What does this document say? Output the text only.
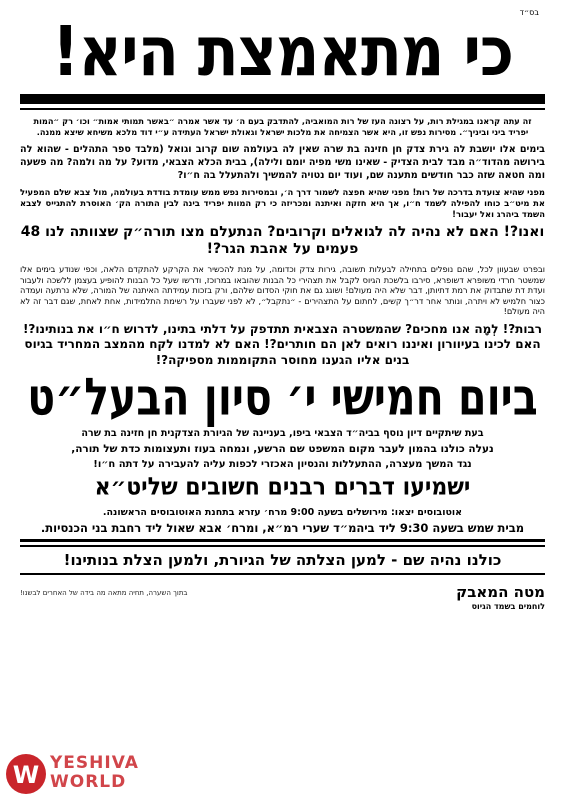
בס״ד
כי מתאמצת היא!
זה עתה קראנו במגילת רות, על רצונה העז של רות המואביה, להתדבק בעם ה׳ עד אשר אמרה ״באשר תמותי אמות״ וכו׳ רק ״המות יפריד ביני וביניך״. מסירות נפש זו, היא אשר הצמיחה את מלכות ישראל וגאולת ישראל העתידה ע״י דוד מלכא משיחא שיצא ממנה.
בימים אלו יושבת לה גירת צדק חן חזינה בת שרה שאין לה בעולמה שום קרוב וגואל (מלבד ספר התהלים - שהוא לה בירושה מהדוד״ה מבד לבית הצדיק - שאינו משי מפיה יומם ולילה), בבית הכלא הצבאי, מדוע? על מה ולמה? מה פשעה ומה חטאה שזה כבר חודשים מתענה שם, ועוד יום נטויה להמשיך ולהתעלל בה ח״ו?
מפני שהיא צועדת בדרכה של רות! מפני שהיא חפצה לשמור דרך ה׳, ובמסירות נפש ממש עומדת בודדת בעולמה, מול צבא שלם המפעיל את מיט״ב כוחו להפילה לשמד ח״ו, אך היא חזקה ואיתנה ומכריזה כי רק המוות יפריד בינה לבין התורה הק׳ האוסרת להתגייס לצבא השמד ביהרג ואל יעבור!
ואנו?! האם לא נהיה לה לגואלים וקרובים? הנתעלם מצו תורה״ק שצוותה לנו 48 פעמים על אהבת הגר?!
ובפרט שבעוון לכל, שהם נופלים בתחילה לבעלות תשובה, גירות צדק וכדומה, על מנת להכשיר את הקרקע להתקדם הלאה, וכפי שנודע בימים אלו שמשטר חרדי משופרא דשופרא, סירבו בלשכת הגיוס לקבל את תצהירי כל הבנות שהובאו במרוכז, ודרשו שעל כל הבנות להופיע בעצמן ללשכה ולעבור ועדת דת שתבדוק את רמת דתיותן, דבר שלא היה מעולם! ושוגג גם את חוקי הסדום שלהם, ורק בזכות עמידתה האיתנה של המורה, שלא נרתעה ועמדה כצור חלמיש לא ויתרה, ונותר אחר דר״ך קשים, לחתום על התצהירים - ״נתקבל״, לא לפני שעברו על רשימת התלמידות, אחת לאחת, שגם דבר זה לא היה מעולם!
רבות?! לְמָה אנו מחכים? שהמשטרה הצבאית תתדפק על דלתי בתינו, לדרוש ח״ו את בנותינו?! האם לכינו בעיוורון ואיננו רואים לאן הם חותרים?! האם לא למדנו לקח מהמצב המחריד בגיוס בנים אליו הגענו מחוסר התקוממות מספיקה?!
ביום חמישי י׳ סיון הבעל״ט
בעת שיתקיים דיון נוסף בביה״ד הצבאי ביפו, בעניינה של הגיורת הצדקנית חן חזינה בת שרה
נעלה כולנו בהמון לעבר מקום המשפט שם הרשע, ונמחה בעוז ותעצומות כדת של תורה,
נגד המשך מעצרה, ההתעללות והנסיון האכזרי לכפות עליה להעבירה על דתה ח״ו!
ישמיעו דברים רבנים חשובים שליט״א
אוטובוסים יצאו: מירושלים בשעה 9:00 מרח׳ עזרא בתחנת האוטובוסים הראשונה.
מבית שמש בשעה 9:30 ליד ביהמ״ד שערי רמ״א, ומרח׳ אבא שאול ליד רחבת בני הכנסיות.
כולנו נהיה שם - למען הצלתה של הגיורת, ולמען הצלת בנותינו!
מטה המאבק
לוחמים בשמד הגיוס
בתוך השערה, תחיה מתאה מה בידה של האחרים לבשנו!
W YESHIVA
WORLD
